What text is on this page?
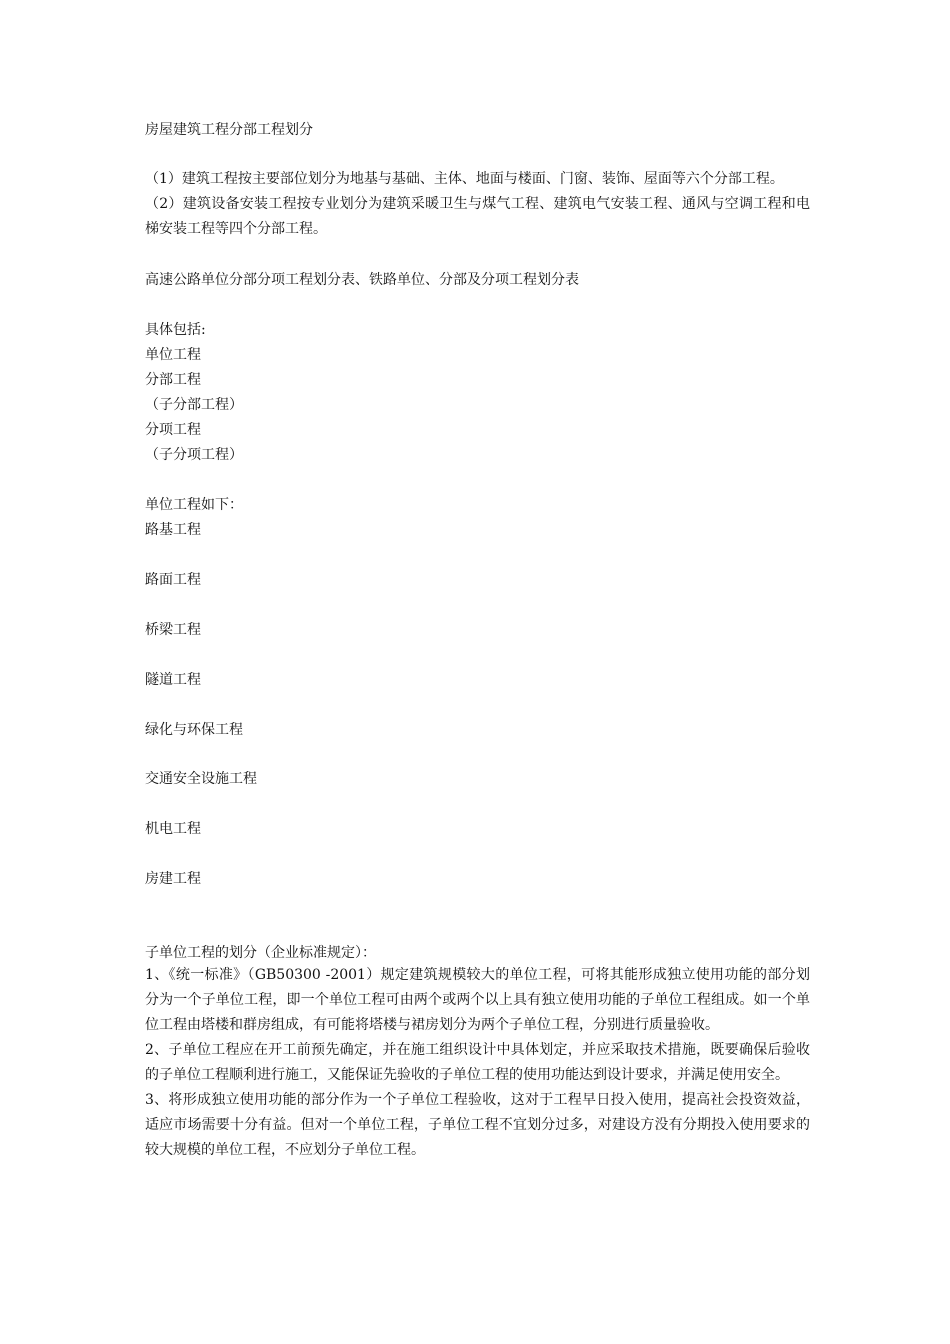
房屋建筑工程分部工程划分
（1）建筑工程按主要部位划分为地基与基础、主体、地面与楼面、门窗、装饰、屋面等六个分部工程。
（2）建筑设备安装工程按专业划分为建筑采暖卫生与煤气工程、建筑电气安装工程、通风与空调工程和电梯安装工程等四个分部工程。
高速公路单位分部分项工程划分表、铁路单位、分部及分项工程划分表
具体包括:
单位工程
分部工程
（子分部工程）
分项工程
（子分项工程）
单位工程如下：
路基工程
路面工程
桥梁工程
隧道工程
绿化与环保工程
交通安全设施工程
机电工程
房建工程
子单位工程的划分（企业标准规定）：
1、《统一标准》（GB50300 -2001）规定建筑规模较大的单位工程，可将其能形成独立使用功能的部分划分为一个子单位工程，即一个单位工程可由两个或两个以上具有独立使用功能的子单位工程组成。如一个单位工程由塔楼和群房组成，有可能将塔楼与裙房划分为两个子单位工程，分别进行质量验收。
2、子单位工程应在开工前预先确定，并在施工组织设计中具体划定，并应采取技术措施，既要确保后验收的子单位工程顺利进行施工，又能保证先验收的子单位工程的使用功能达到设计要求，并满足使用安全。
3、将形成独立使用功能的部分作为一个子单位工程验收，这对于工程早日投入使用，提高社会投资效益，适应市场需要十分有益。但对一个单位工程，子单位工程不宜划分过多，对建设方没有分期投入使用要求的较大规模的单位工程，不应划分子单位工程。
